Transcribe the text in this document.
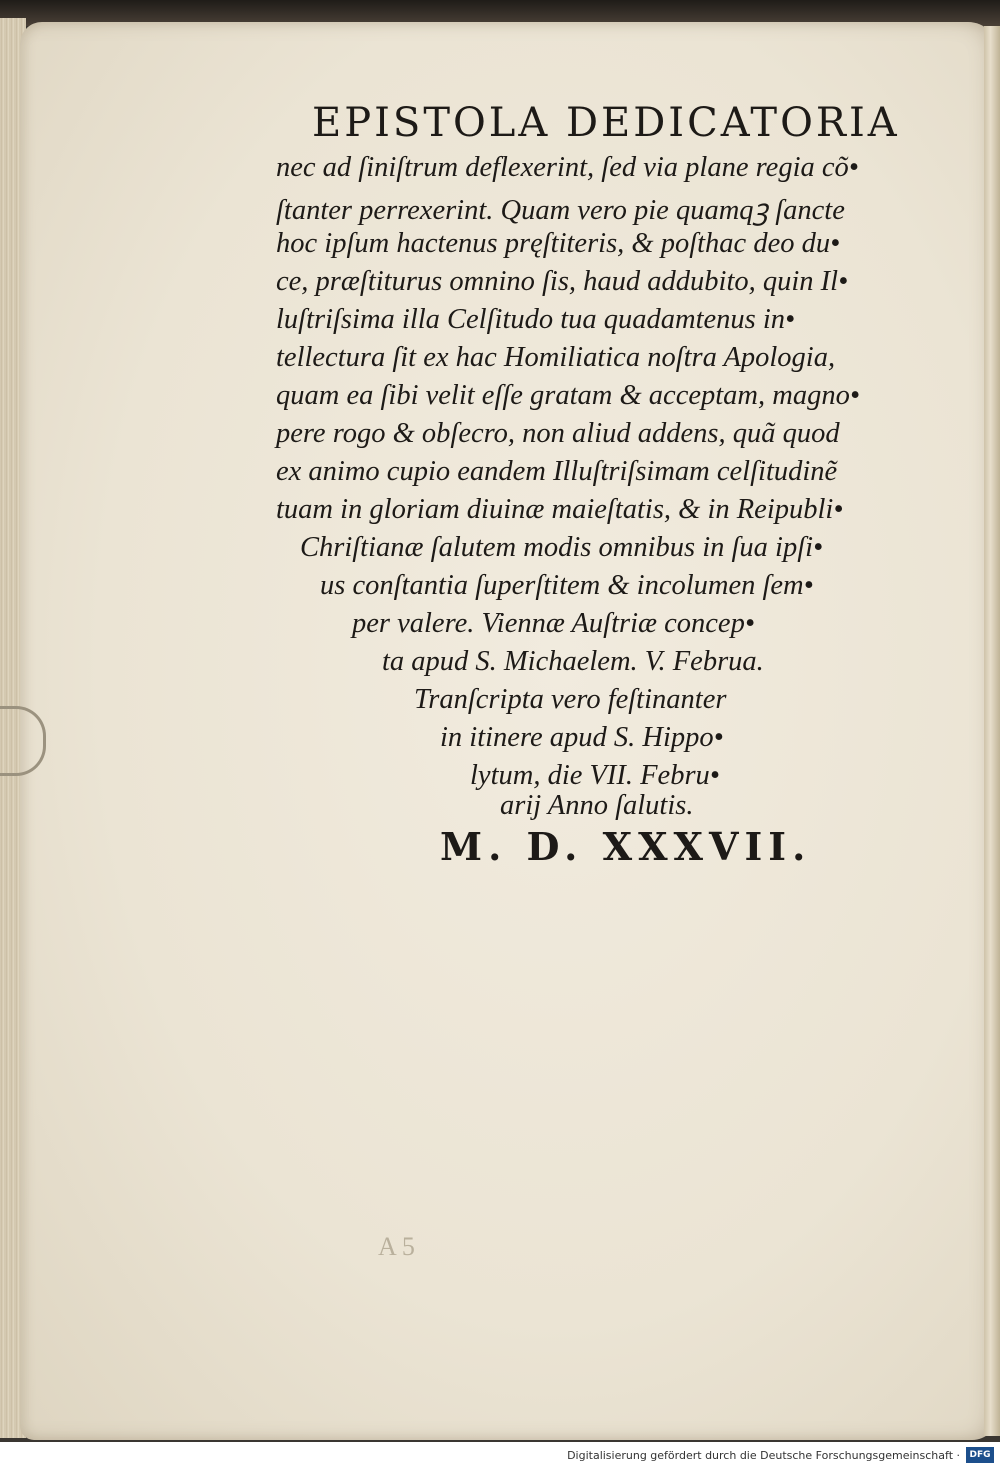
EPISTOLA DEDICATORIA
nec ad ſiniſtrum deflexerint, ſed via plane regia cõ•
ſtanter perrexerint. Quam vero pie quamqꝫ ſancte
hoc ipſum hactenus pręſtiteris, & poſthac deo du•
ce, præſtiturus omnino ſis, haud addubito, quin Il•
luſtriſsima illa Celſitudo tua quadamtenus in•
tellectura ſit ex hac Homiliatica noſtra Apologia,
quam ea ſibi velit eſſe gratam & acceptam, magno•
pere rogo & obſecro, non aliud addens, quã quod
ex animo cupio eandem Illuſtriſsimam celſitudinẽ
tuam in gloriam diuinæ maieſtatis, & in Reipubli•
Chriſtianæ ſalutem modis omnibus in ſua ipſi•
us conſtantia ſuperſtitem & incolumen ſem•
per valere. Viennæ Auſtriæ concep•
ta apud S. Michaelem. V. Februa.
Tranſcripta vero feſtinanter
in itinere apud S. Hippo•
lytum, die VII. Febru•
arij Anno ſalutis.
M. D. XXXVII.
A 5
Digitalisierung gefördert durch die Deutsche Forschungsgemeinschaft ·	DFG
